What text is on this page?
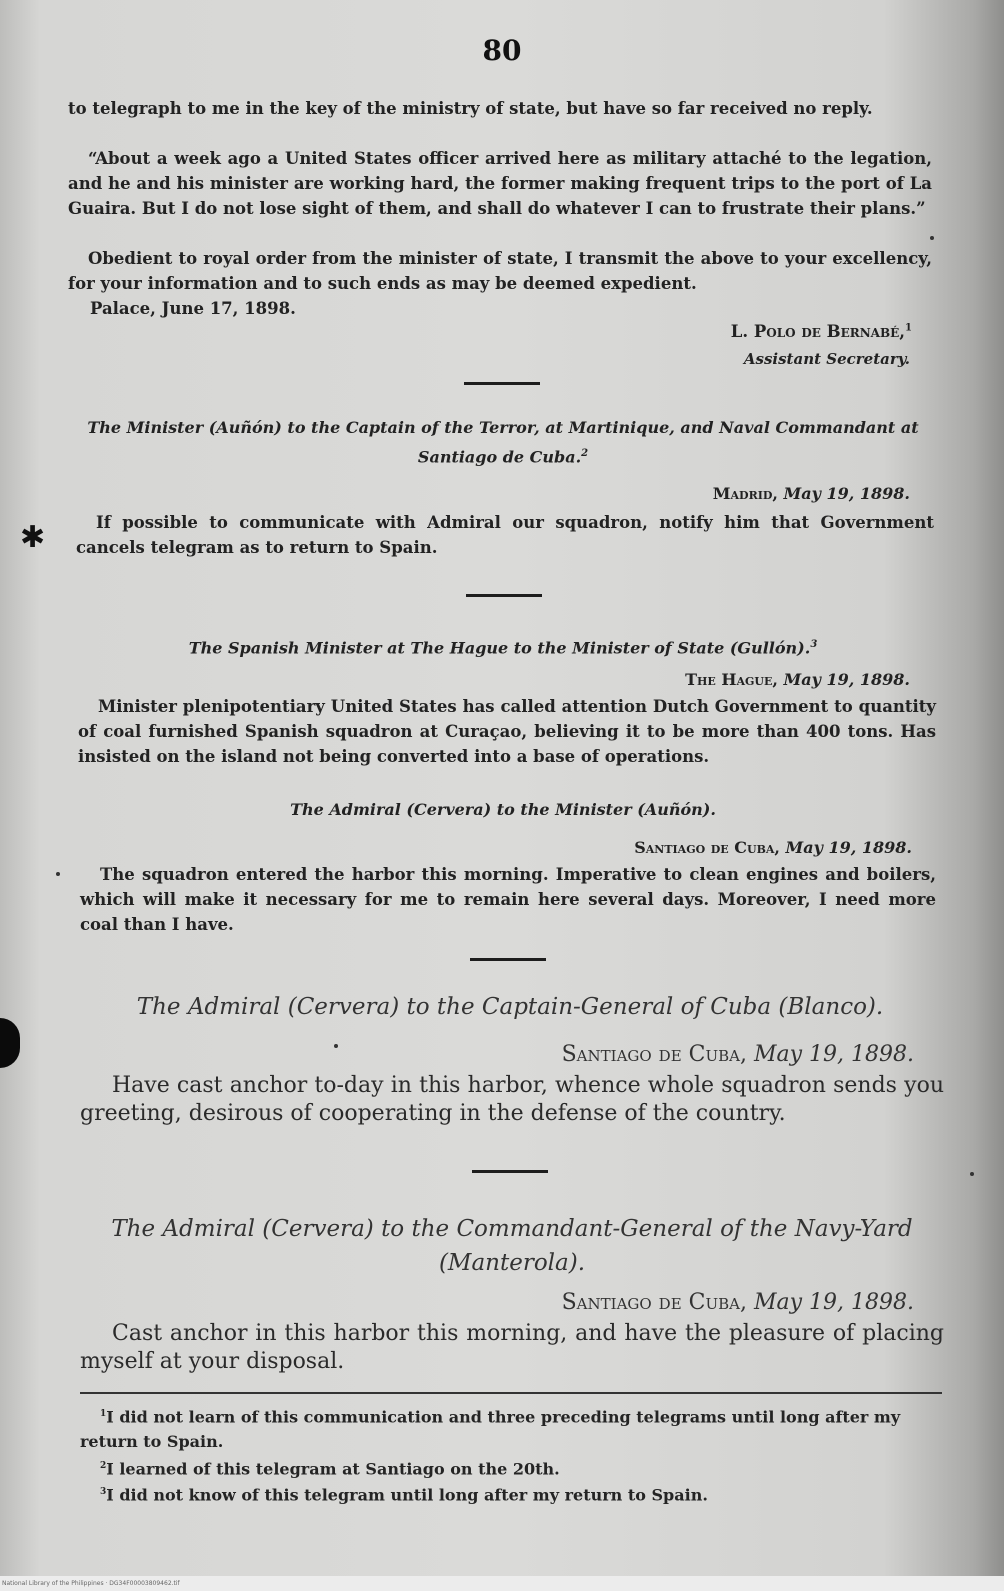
80

to telegraph to me in the key of the ministry of state, but have so far received no reply.

“About a week ago a United States officer arrived here as military attaché to the legation, and he and his minister are working hard, the former making frequent trips to the port of La Guaira. But I do not lose sight of them, and shall do whatever I can to frustrate their plans.”

Obedient to royal order from the minister of state, I transmit the above to your excellency, for your information and to such ends as may be deemed expedient.

Palace, June 17, 1898.

L. Polo de Bernabé,$^1$
Assistant Secretary.
The Minister (Auñón) to the Captain of the Terror, at Martinique, and Naval Commandant at Santiago de Cuba.$^2$
Madrid, May 19, 1898.
✱	If possible to communicate with Admiral our squadron, notify him that Government cancels telegram as to return to Spain.

The Spanish Minister at The Hague to the Minister of State (Gullón).$^3$
The Hague, May 19, 1898.

Minister plenipotentiary United States has called attention Dutch Government to quantity of coal furnished Spanish squadron at Curaçao, believing it to be more than 400 tons. Has insisted on the island not being converted into a base of operations.

The Admiral (Cervera) to the Minister (Auñón).
Santiago de Cuba, May 19, 1898.

The squadron entered the harbor this morning. Imperative to clean engines and boilers, which will make it necessary for me to remain here several days. Moreover, I need more coal than I have.

The Admiral (Cervera) to the Captain-General of Cuba (Blanco).
Santiago de Cuba, May 19, 1898.

Have cast anchor to-day in this harbor, whence whole squadron sends you greeting, desirous of cooperating in the defense of the country.

The Admiral (Cervera) to the Commandant-General of the Navy-Yard (Manterola).
Santiago de Cuba, May 19, 1898.

Cast anchor in this harbor this morning, and have the pleasure of placing myself at your disposal.

$^1$I did not learn of this communication and three preceding telegrams until long after my return to Spain.

$^2$I learned of this telegram at Santiago on the 20th.

$^3$I did not know of this telegram until long after my return to Spain.

National Library of the Philippines · DG34F00003809462.tif
